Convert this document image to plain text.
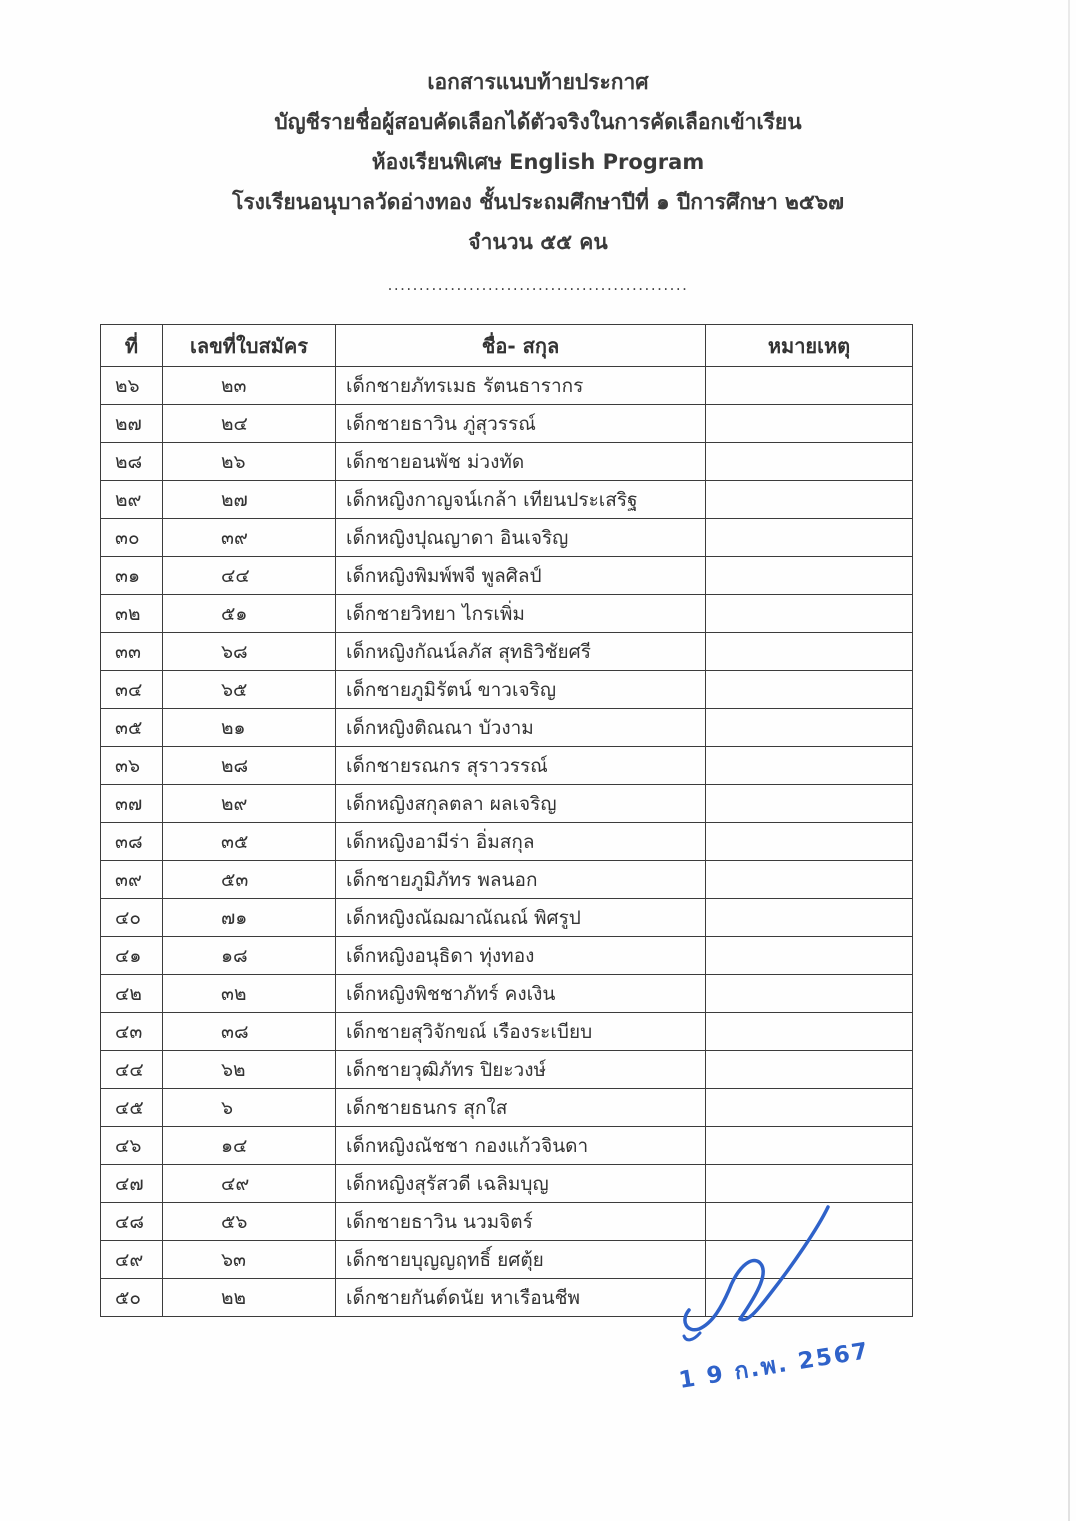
เอกสารแนบท้ายประกาศ
บัญชีรายชื่อผู้สอบคัดเลือกได้ตัวจริงในการคัดเลือกเข้าเรียน
ห้องเรียนพิเศษ English Program
โรงเรียนอนุบาลวัดอ่างทอง ชั้นประถมศึกษาปีที่ ๑ ปีการศึกษา ๒๕๖๗
จำนวน ๕๕ คน
................................................
ที่	เลขที่ใบสมัคร	ชื่อ- สกุล	หมายเหตุ
๒๖	๒๓	เด็กชายภัทรเมธ รัตนธารากร	
๒๗	๒๔	เด็กชายธาวิน ภู่สุวรรณ์	
๒๘	๒๖	เด็กชายอนพัช ม่วงทัด	
๒๙	๒๗	เด็กหญิงกาญจน์เกล้า เทียนประเสริฐ	
๓๐	๓๙	เด็กหญิงปุณญาดา อินเจริญ	
๓๑	๔๔	เด็กหญิงพิมพ์พจี พูลศิลป์	
๓๒	๕๑	เด็กชายวิทยา ไกรเพิ่ม	
๓๓	๖๘	เด็กหญิงกัณน์ลภัส สุทธิวิชัยศรี	
๓๔	๖๕	เด็กชายภูมิรัตน์ ขาวเจริญ	
๓๕	๒๑	เด็กหญิงติณณา บัวงาม	
๓๖	๒๘	เด็กชายรณกร สุราวรรณ์	
๓๗	๒๙	เด็กหญิงสกุลตลา ผลเจริญ	
๓๘	๓๕	เด็กหญิงอามีร่า อิ่มสกุล	
๓๙	๕๓	เด็กชายภูมิภัทร พลนอก	
๔๐	๗๑	เด็กหญิงณัฌฌาณัณณ์ พิศรูป	
๔๑	๑๘	เด็กหญิงอนุธิดา ทุ่งทอง	
๔๒	๓๒	เด็กหญิงพิชชาภัทร์ คงเงิน	
๔๓	๓๘	เด็กชายสุวิจักขณ์ เรืองระเบียบ	
๔๔	๖๒	เด็กชายวุฒิภัทร ปิยะวงษ์	
๔๕	๖	เด็กชายธนกร สุกใส	
๔๖	๑๔	เด็กหญิงณัชชา กองแก้วจินดา	
๔๗	๔๙	เด็กหญิงสุรัสวดี เฉลิมบุญ	
๔๘	๕๖	เด็กชายธาวิน นวมจิตร์	
๔๙	๖๓	เด็กชายบุญญฤทธิ์ ยศตุ้ย	
๕๐	๒๒	เด็กชายกันต์ดนัย หาเรือนชีพ	
1 9 ก.พ. 2567
